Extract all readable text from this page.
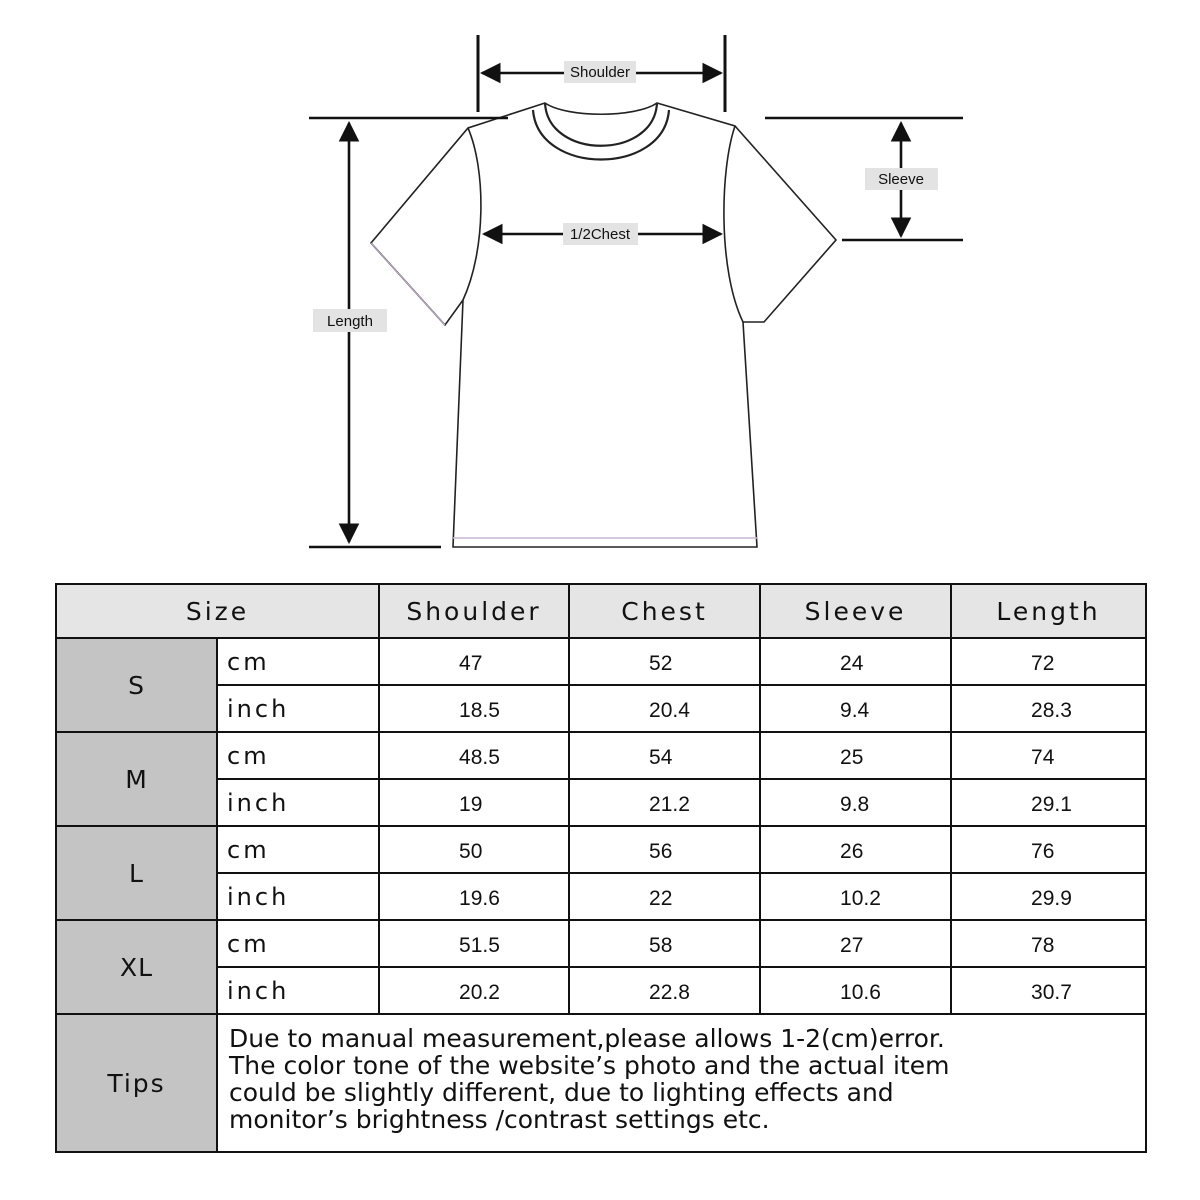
Shoulder
Sleeve
1/2Chest
Length
Size		Shoulder	Chest	Sleeve	Length
S	cm	47	52	24	72
	inch	18.5	20.4	9.4	28.3
M	cm	48.5	54	25	74
	inch	19	21.2	9.8	29.1
L	cm	50	56	26	76
	inch	19.6	22	10.2	29.9
XL	cm	51.5	58	27	78
	inch	20.2	22.8	10.6	30.7
Tips	Due to manual measurement,please allows 1-2(cm)error.
The color tone of the website’s photo and the actual item
could be slightly different, due to lighting effects and
monitor’s brightness /contrast settings etc.				
